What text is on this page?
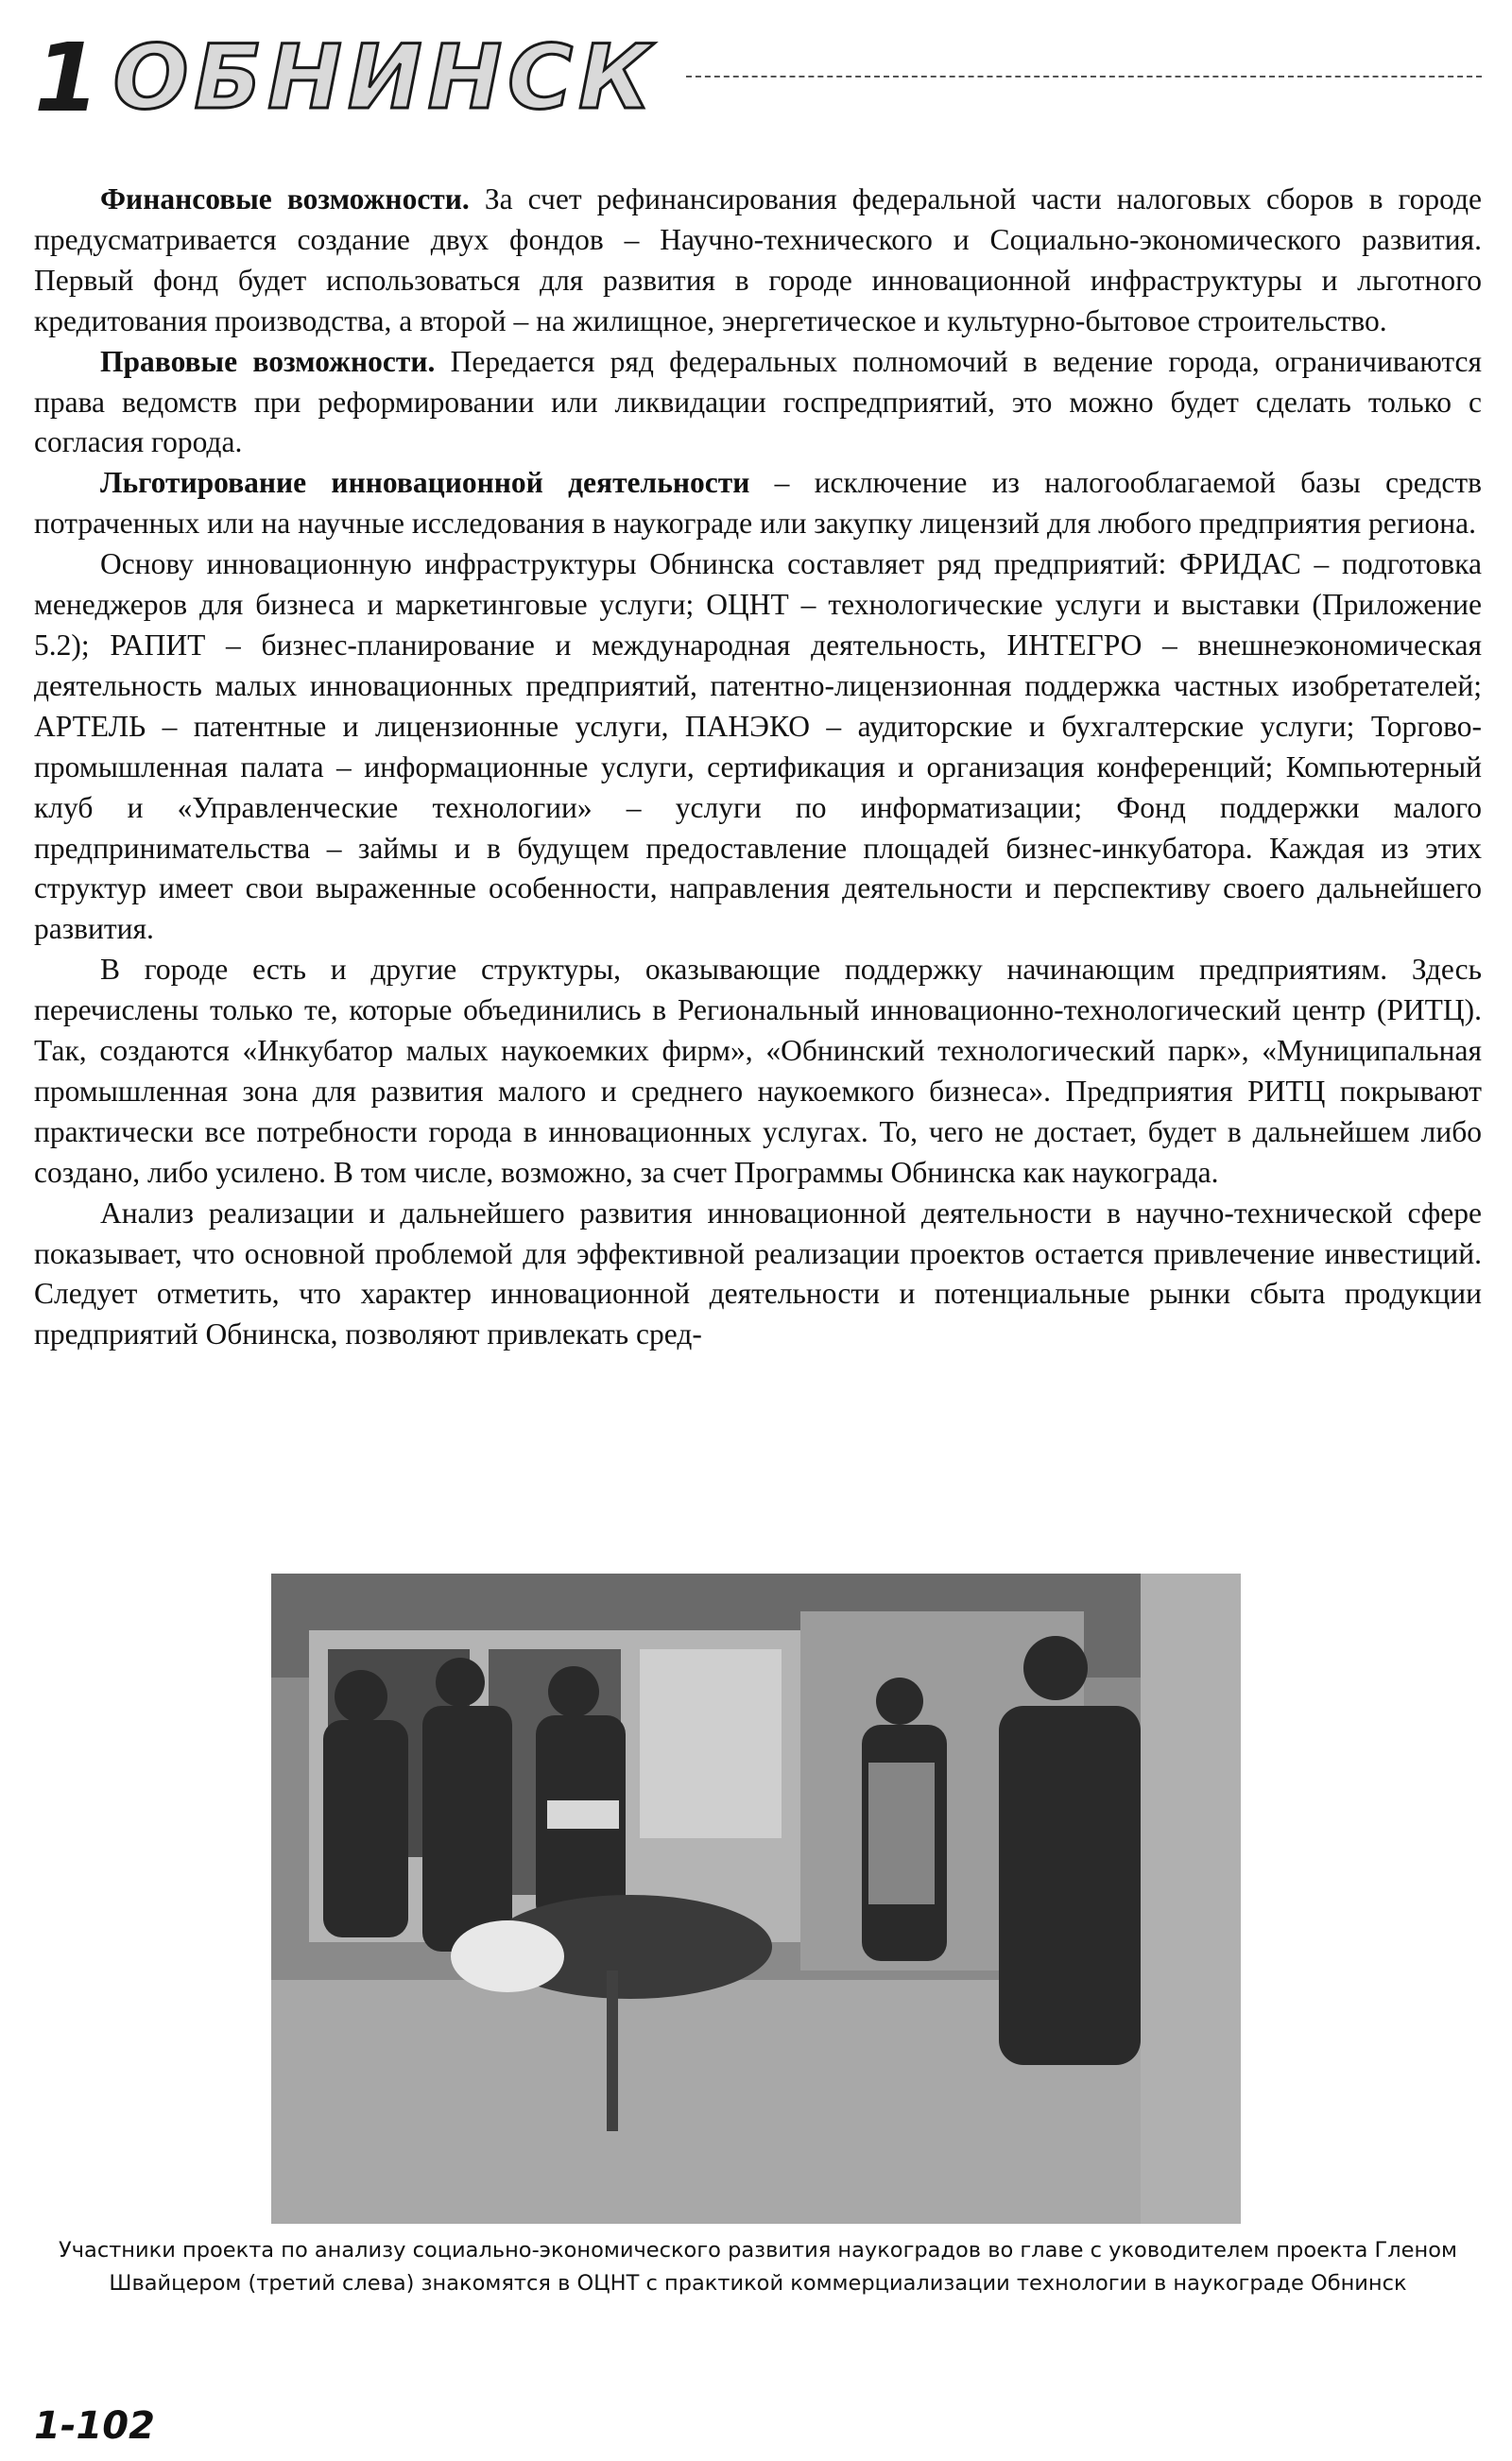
1 ОБНИНСК

Финансовые возможности. За счет рефинансирования федеральной части налоговых сборов в городе предусматривается создание двух фондов – Научно-технического и Социально-экономического развития. Первый фонд будет использоваться для развития в городе инновационной инфраструктуры и льготного кредитования производства, а второй – на жилищное, энергетическое и культурно-бытовое строительство.

Правовые возможности. Передается ряд федеральных полномочий в ведение города, ограничиваются права ведомств при реформировании или ликвидации госпредприятий, это можно будет сделать только с согласия города.

Льготирование инновационной деятельности – исключение из налогооблагаемой базы средств потраченных или на научные исследования в наукограде или закупку лицензий для любого предприятия региона.

Основу инновационную инфраструктуры Обнинска составляет ряд предприятий: ФРИДАС – подготовка менеджеров для бизнеса и маркетинговые услуги; ОЦНТ – технологические услуги и выставки (Приложение 5.2); РАПИТ – бизнес-планирование и международная деятельность, ИНТЕГРО – внешнеэкономическая деятельность малых инновационных предприятий, патентно-лицензионная поддержка частных изобретателей; АРТЕЛЬ – патентные и лицензионные услуги, ПАНЭКО – аудиторские и бухгалтерские услуги; Торгово-промышленная палата – информационные услуги, сертификация и организация конференций; Компьютерный клуб и «Управленческие технологии» – услуги по информатизации; Фонд поддержки малого предпринимательства – займы и в будущем предоставление площадей бизнес-инкубатора. Каждая из этих структур имеет свои выраженные особенности, направления деятельности и перспективу своего дальнейшего развития.

В городе есть и другие структуры, оказывающие поддержку начинающим предприятиям. Здесь перечислены только те, которые объединились в Региональный инновационно-технологический центр (РИТЦ). Так, создаются «Инкубатор малых наукоемких фирм», «Обнинский технологический парк», «Муниципальная промышленная зона для развития малого и среднего наукоемкого бизнеса». Предприятия РИТЦ покрывают практически все потребности города в инновационных услугах. То, чего не достает, будет в дальнейшем либо создано, либо усилено. В том числе, возможно, за счет Программы Обнинска как наукограда.

Анализ реализации и дальнейшего развития инновационной деятельности в научно-технической сфере показывает, что основной проблемой для эффективной реализации проектов остается привлечение инвестиций. Следует отметить, что характер инновационной деятельности и потенциальные рынки сбыта продукции предприятий Обнинска, позволяют привлекать сред-

Участники проекта по анализу социально-экономического развития наукоградов во главе с уководителем проекта Гленом Швайцером (третий слева) знакомятся в ОЦНТ с практикой коммерциализации технологии в наукограде Обнинск
1-102
